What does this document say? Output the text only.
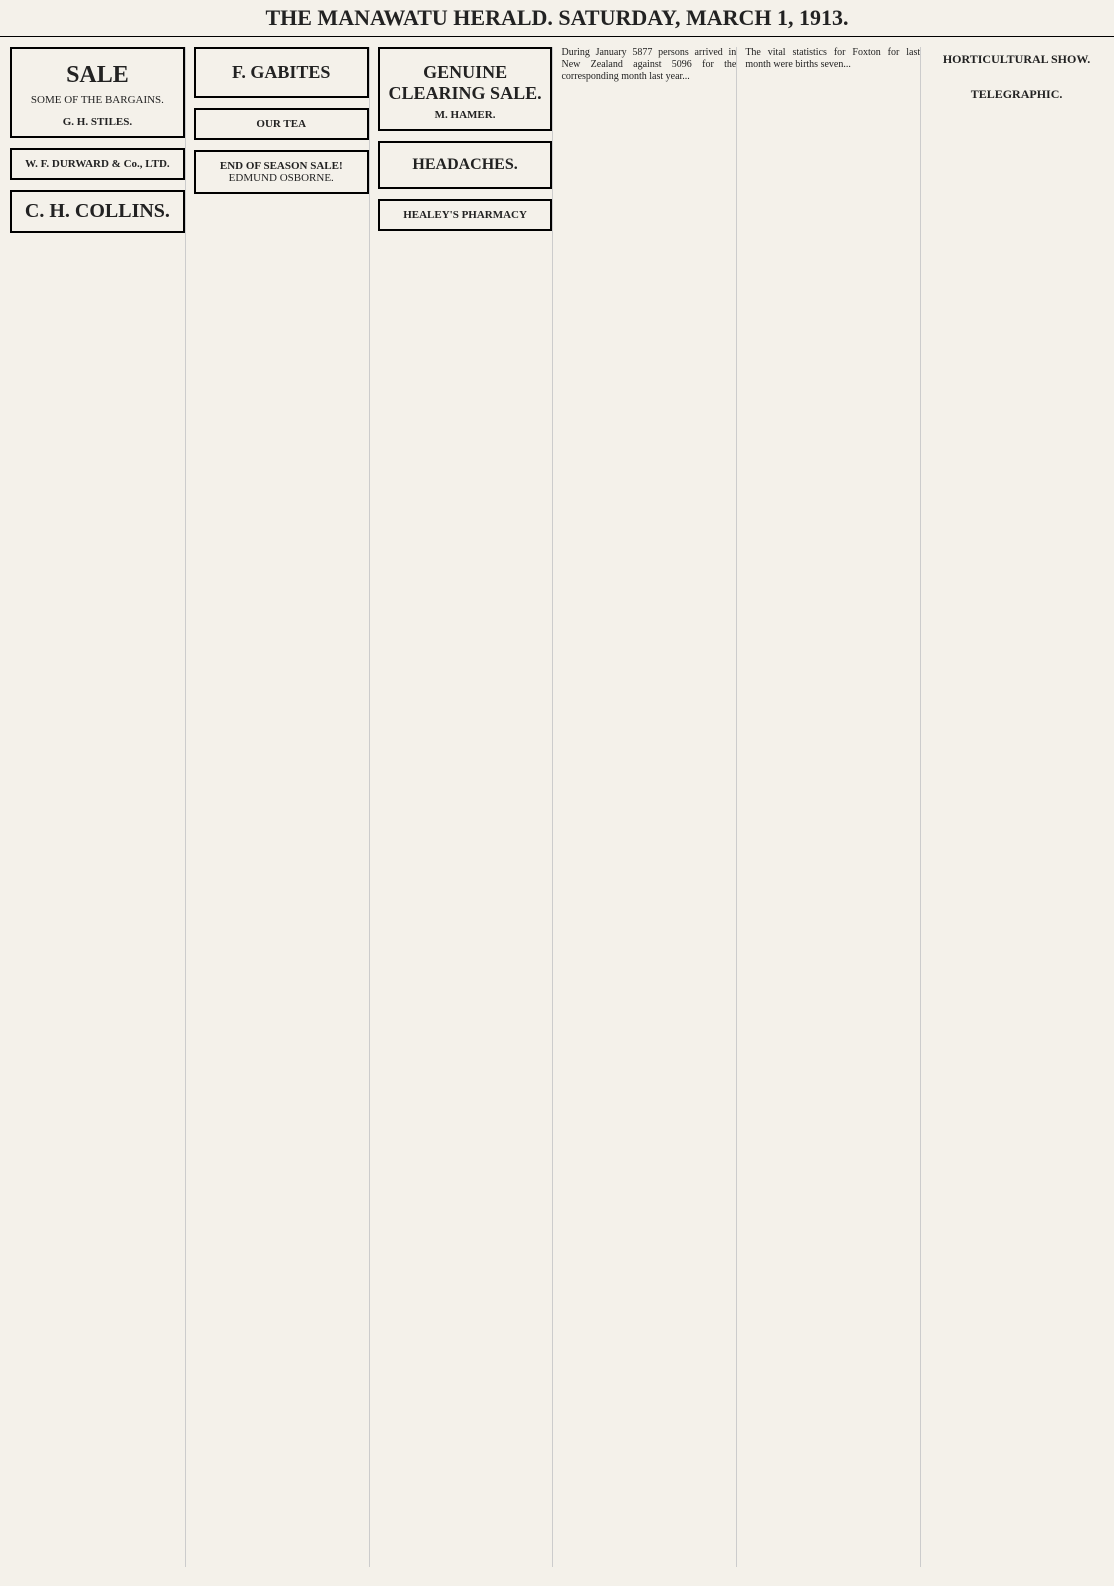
THE MANAWATU HERALD. SATURDAY, MARCH 1, 1913.
SALE
SOME OF THE BARGAINS.
G. H. STILES.
W. F. DURWARD & Co., LTD.
C. H. COLLINS.
F. GABITES
OUR TEA
END OF SEASON SALE!
EDMUND OSBORNE.
GENUINE CLEARING SALE.
M. HAMER.
HEADACHES.
HEALEY'S PHARMACY
During January 5877 persons arrived in New Zealand against 5096 for the corresponding month last year...
The vital statistics for Foxton for last month were births seven...	HORTICULTURAL SHOW.
TELEGRAPHIC.
